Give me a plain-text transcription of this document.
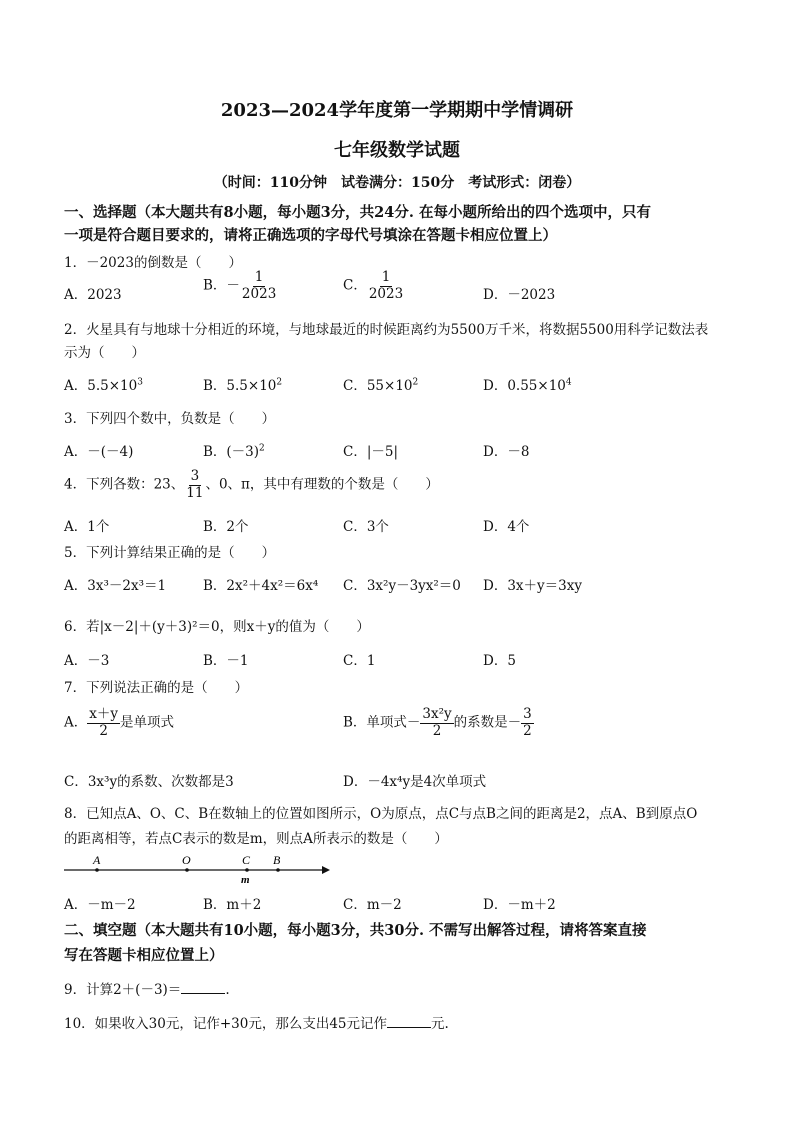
2023—2024学年度第一学期期中学情调研
七年级数学试题
（时间：110分钟　试卷满分：150分　考试形式：闭卷）
一、选择题（本大题共有8小题，每小题3分，共24分. 在每小题所给出的四个选项中，只有
一项是符合题目要求的，请将正确选项的字母代号填涂在答题卡相应位置上）
1．－2023的倒数是（　　）
A．2023
B．－ $\frac{1}{2023}$	C． $\frac{1}{2023}$	D．－2023
2．火星具有与地球十分相近的环境，与地球最近的时候距离约为5500万千米，将数据5500用科学记数法表
示为（　　）
A．$5.5\times 10^3$	B．$5.5\times 10^2$	C．$55\times 10^2$	D．$0.55\times 10^4$
3．下列四个数中，负数是（　　）
A．－(－4)	B．$(-3)^2$	C．|－5|	D．－8
4．下列各数：23、 $\frac{3}{11}$ 、0、π，其中有理数的个数是（　　）
A．1个	B．2个	C．3个	D．4个
5．下列计算结果正确的是（　　）
A．3x³－2x³＝1	B．2x²＋4x²＝6x⁴ C．3x²y－3yx²＝0 D．3x＋y＝3xy
6．若|x－2|＋(y＋3)²＝0，则x＋y的值为（　　）
A．－3	B．－1	C．1	D．5
7．下列说法正确的是（　　）
A． $\frac{x+y}{2}$ 是单项式	B．单项式－ $\frac{\text{3x²y}}{2}$ 的系数是－ $\frac{3}{2}$
C．3x³y的系数、次数都是3	D．－4x⁴y是4次单项式
8．已知点A、O、C、B在数轴上的位置如图所示，O为原点，点C与点B之间的距离是2，点A、B到原点O
的距离相等，若点C表示的数是m，则点A所表示的数是（　　）
A	O	C B
m
A．－m－2	B．m＋2	C．m－2	D．－m＋2
二、填空题（本大题共有10小题，每小题3分，共30分. 不需写出解答过程，请将答案直接
写在答题卡相应位置上）
9．计算2＋(－3)＝	.
10．如果收入30元，记作+30元，那么支出45元记作	元.
